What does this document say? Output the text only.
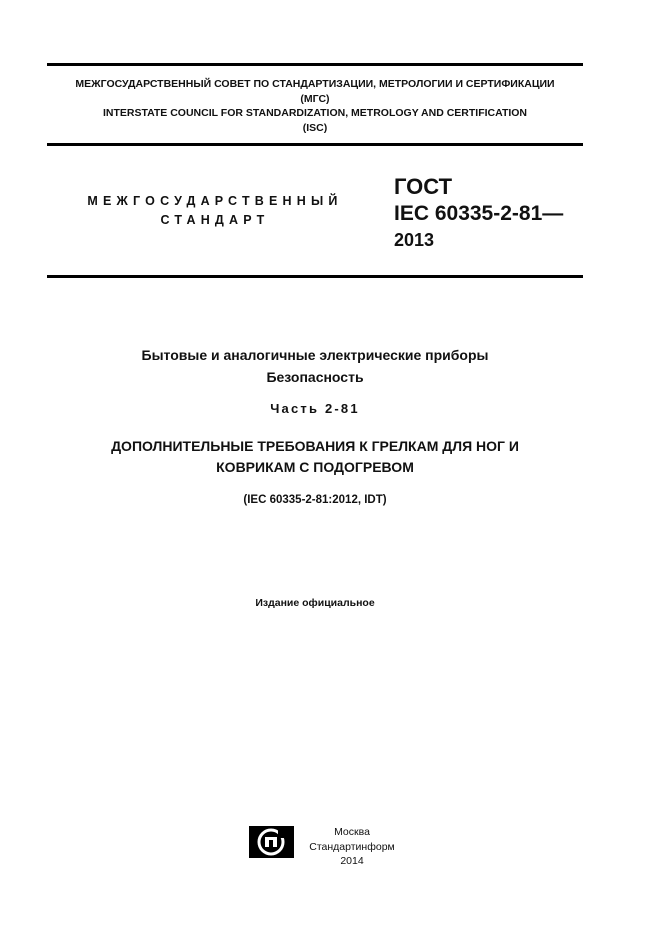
МЕЖГОСУДАРСТВЕННЫЙ СОВЕТ ПО СТАНДАРТИЗАЦИИ, МЕТРОЛОГИИ И СЕРТИФИКАЦИИ
(МГС)
INTERSTATE COUNCIL FOR STANDARDIZATION, METROLOGY AND CERTIFICATION
(ISC)
МЕЖГОСУДАРСТВЕННЫЙ
СТАНДАРТ
ГОСТ
IEC 60335-2-81—
2013
Бытовые и аналогичные электрические приборы
Безопасность
Часть 2-81
ДОПОЛНИТЕЛЬНЫЕ ТРЕБОВАНИЯ К ГРЕЛКАМ ДЛЯ НОГ И
КОВРИКАМ С ПОДОГРЕВОМ
(IEC 60335-2-81:2012, IDT)
Издание официальное
Москва
Стандартинформ
2014
